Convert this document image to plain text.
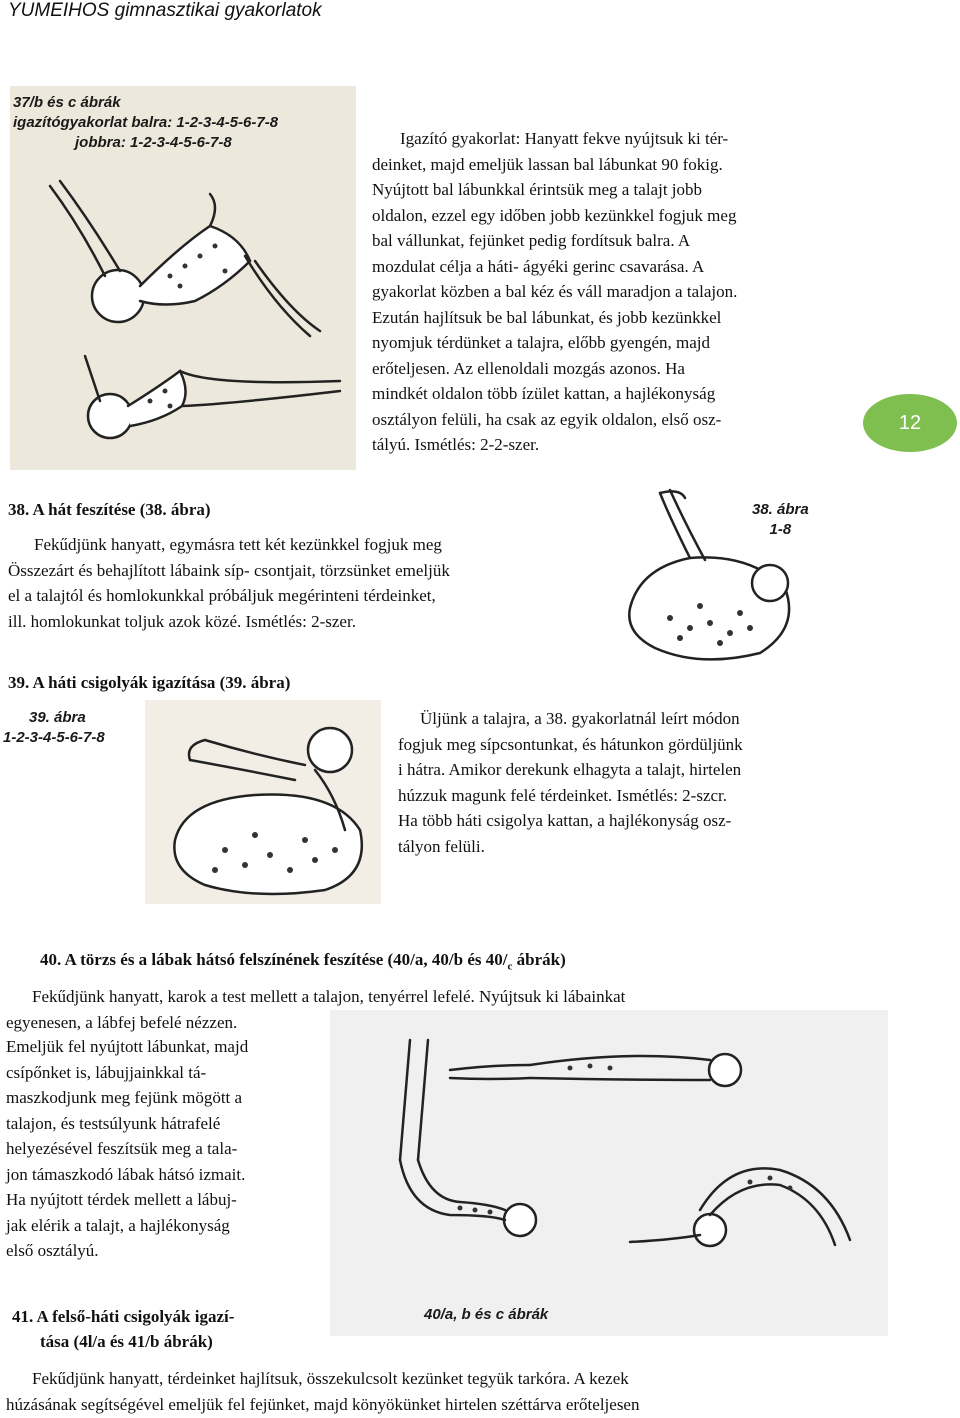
YUMEIHOS gimnasztikai gyakorlatok
37/b és c ábrák
igazítógyakorlat balra: 1-2-3-4-5-6-7-8
jobbra: 1-2-3-4-5-6-7-8	Igazító gyakorlat: Hanyatt fekve nyújtsuk ki tér-
deinket, majd emeljük lassan bal lábunkat 90 fokig.
Nyújtott bal lábunkkal érintsük meg a talajt jobb
oldalon, ezzel egy időben jobb kezünkkel fogjuk meg
bal vállunkat, fejünket pedig fordítsuk balra. A
mozdulat célja a háti- ágyéki gerinc csavarása. A
gyakorlat közben a bal kéz és váll maradjon a talajon.
Ezután hajlítsuk be bal lábunkat, és jobb kezünkkel
nyomjuk térdünket a talajra, előbb gyengén, majd
erőteljesen. Az ellenoldali mozgás azonos. Ha
mindkét oldalon több ízület kattan, a hajlékonyság
osztályon felüli, ha csak az egyik oldalon, első osz-
tályú. Ismétlés: 2-2-szer.
12
38. A hát feszítése (38. ábra)
Fekűdjünk hanyatt, egymásra tett két kezünkkel fogjuk meg
Összezárt és behajlított lábaink síp- csontjait, törzsünket emeljük
el a talajtól és homlokunkkal próbáljuk megérinteni térdeinket,
ill. homlokunkat toljuk azok közé. Ismétlés: 2-szer.
38. ábra
1-8
39. A háti csigolyák igazítása (39. ábra)
39. ábra
1-2-3-4-5-6-7-8
Üljünk a talajra, a 38. gyakorlatnál leírt módon
fogjuk meg sípcsontunkat, és hátunkon gördüljünk
i hátra. Amikor derekunk elhagyta a talajt, hirtelen
húzzuk magunk felé térdeinket. Ismétlés: 2-szcr.
Ha több háti csigolya kattan, a hajlékonyság osz-
tályon felüli.
40. A törzs és a lábak hátsó felszínének feszítése (40/a, 40/b és $40/_c$ ábrák)
Fekűdjünk hanyatt, karok a test mellett a talajon, tenyérrel lefelé. Nyújtsuk ki lábainkat
egyenesen, a lábfej befelé nézzen.
Emeljük fel nyújtott lábunkat, majd
csípőnket is, lábujjainkkal tá-
maszkodjunk meg fejünk mögött a
talajon, és testsúlyunk hátrafelé
helyezésével feszítsük meg a tala-
jon támaszkodó lábak hátsó izmait.
Ha nyújtott térdek mellett a lábuj-
jak elérik a talajt, a hajlékonyság
első osztályú.
40/a, b és c ábrák
41. A felső-háti csigolyák igazí-
tása (4l/a és 41/b ábrák)
Fekűdjünk hanyatt, térdeinket hajlítsuk, összekulcsolt kezünket tegyük tarkóra. A kezek
húzásának segítségével emeljük fel fejünket, majd könyökünket hirtelen széttárva erőteljesen
